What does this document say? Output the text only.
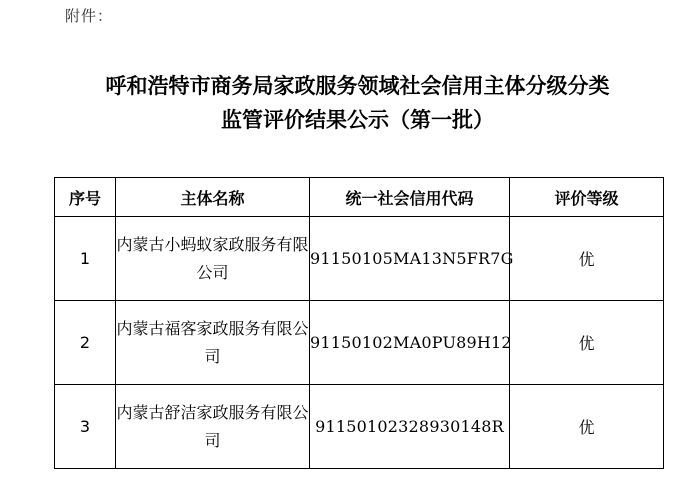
附件：
呼和浩特市商务局家政服务领域社会信用主体分级分类
监管评价结果公示（第一批）
序号	主体名称	统一社会信用代码	评价等级
1	内蒙古小蚂蚁家政服务有限公司	91150105MA13N5FR7G	优
2	内蒙古福客家政服务有限公司	91150102MA0PU89H12	优
3	内蒙古舒洁家政服务有限公司	91150102328930148R	优
